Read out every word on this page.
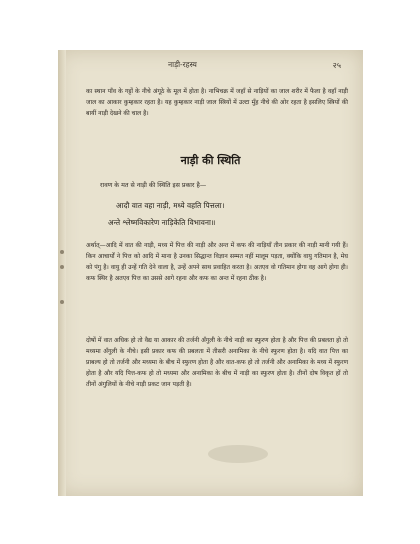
नाड़ी-रहस्य	२५

का स्थान पाँव के गट्टों के नीचे अंगूठे के मूल में होता है। नाभिचक्र में जहाँ से नाड़ियों का जाल शरीर में फैला है वहाँ नाड़ी जाल का आकार कुम्हकार रहता है। यह कुम्हकार नाड़ी जाल स्त्रियों में उल्टा मुँह नीचे की ओर रहता है इसलिए स्त्रियों की बायीं नाड़ी देखने की चाल है।

नाड़ी की स्थिति
रावण के मत से नाड़ी की स्थिति इस प्रकार है—
आदौ वात वहा नाड़ी, मध्ये वहति पित्तला।
अन्ते श्लेष्मविकारेण नाड़िकेति विभावना॥

अर्थात्—आदि में वात की नाड़ी, मध्य में पित्त की नाड़ी और अन्त में कफ की नाड़ियाँ तीन प्रकार की नाड़ी मानी गयी हैं। किन आचार्यों ने पित्त को आदि में माना है उनका सिद्धान्त विज्ञान सम्मत नहीं मालूम पड़ता, क्योंकि वायु गतिमान है, मेघ को पंगु है। वायु ही उन्हें गति देने वाला है, उन्हें अपने साथ प्रवाहित करता है। अतएव वो गतिमान होगा वह आगे होगा ही। कफ स्थिर है अतएव पित्त का उससे आगे रहना और कफ का अन्त में रहना ठीक है।

दोषों में वात अधिक हो तो वैद्य या आकार की तर्जनी अँगुली के नीचे नाड़ी का स्फुरण होता है और पित्त की प्रबलता हो तो मध्यमा अँगुली के नीचे। इसी प्रकार कफ की प्रबलता में तीसरी अनामिका के नीचे स्फुरण होता है। यदि वात पित्त का प्राबल्य हो तो तर्जनी और मध्यमा के बीच में स्फुरण होता है और वात-कफ हो तो तर्जनी और अनामिका के मध्य में स्फुरण होता है और यदि पित्त-कफ हो तो मध्यमा और अनामिका के बीच में नाड़ी का स्फुरण होता है। तीनों दोष विकृत हों तो तीनों अंगुलियों के नीचे नाड़ी प्रकट जान पड़ती है।
